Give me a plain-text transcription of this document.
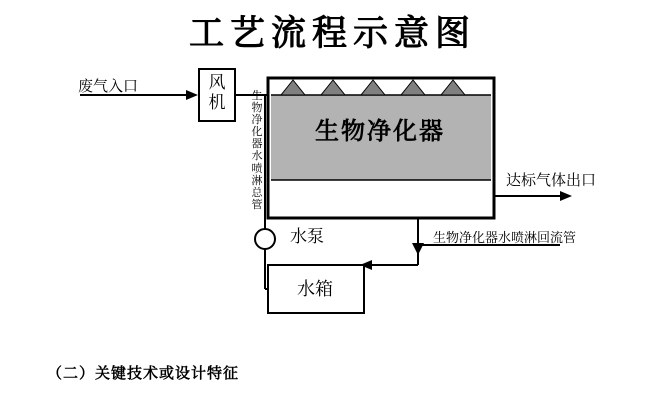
工艺流程示意图
废气入口	风机	生物净化器水喷淋总管
生物净化器
达标气体出口
水泵	生物净化器水喷淋回流管
水箱
（二）关键技术或设计特征
